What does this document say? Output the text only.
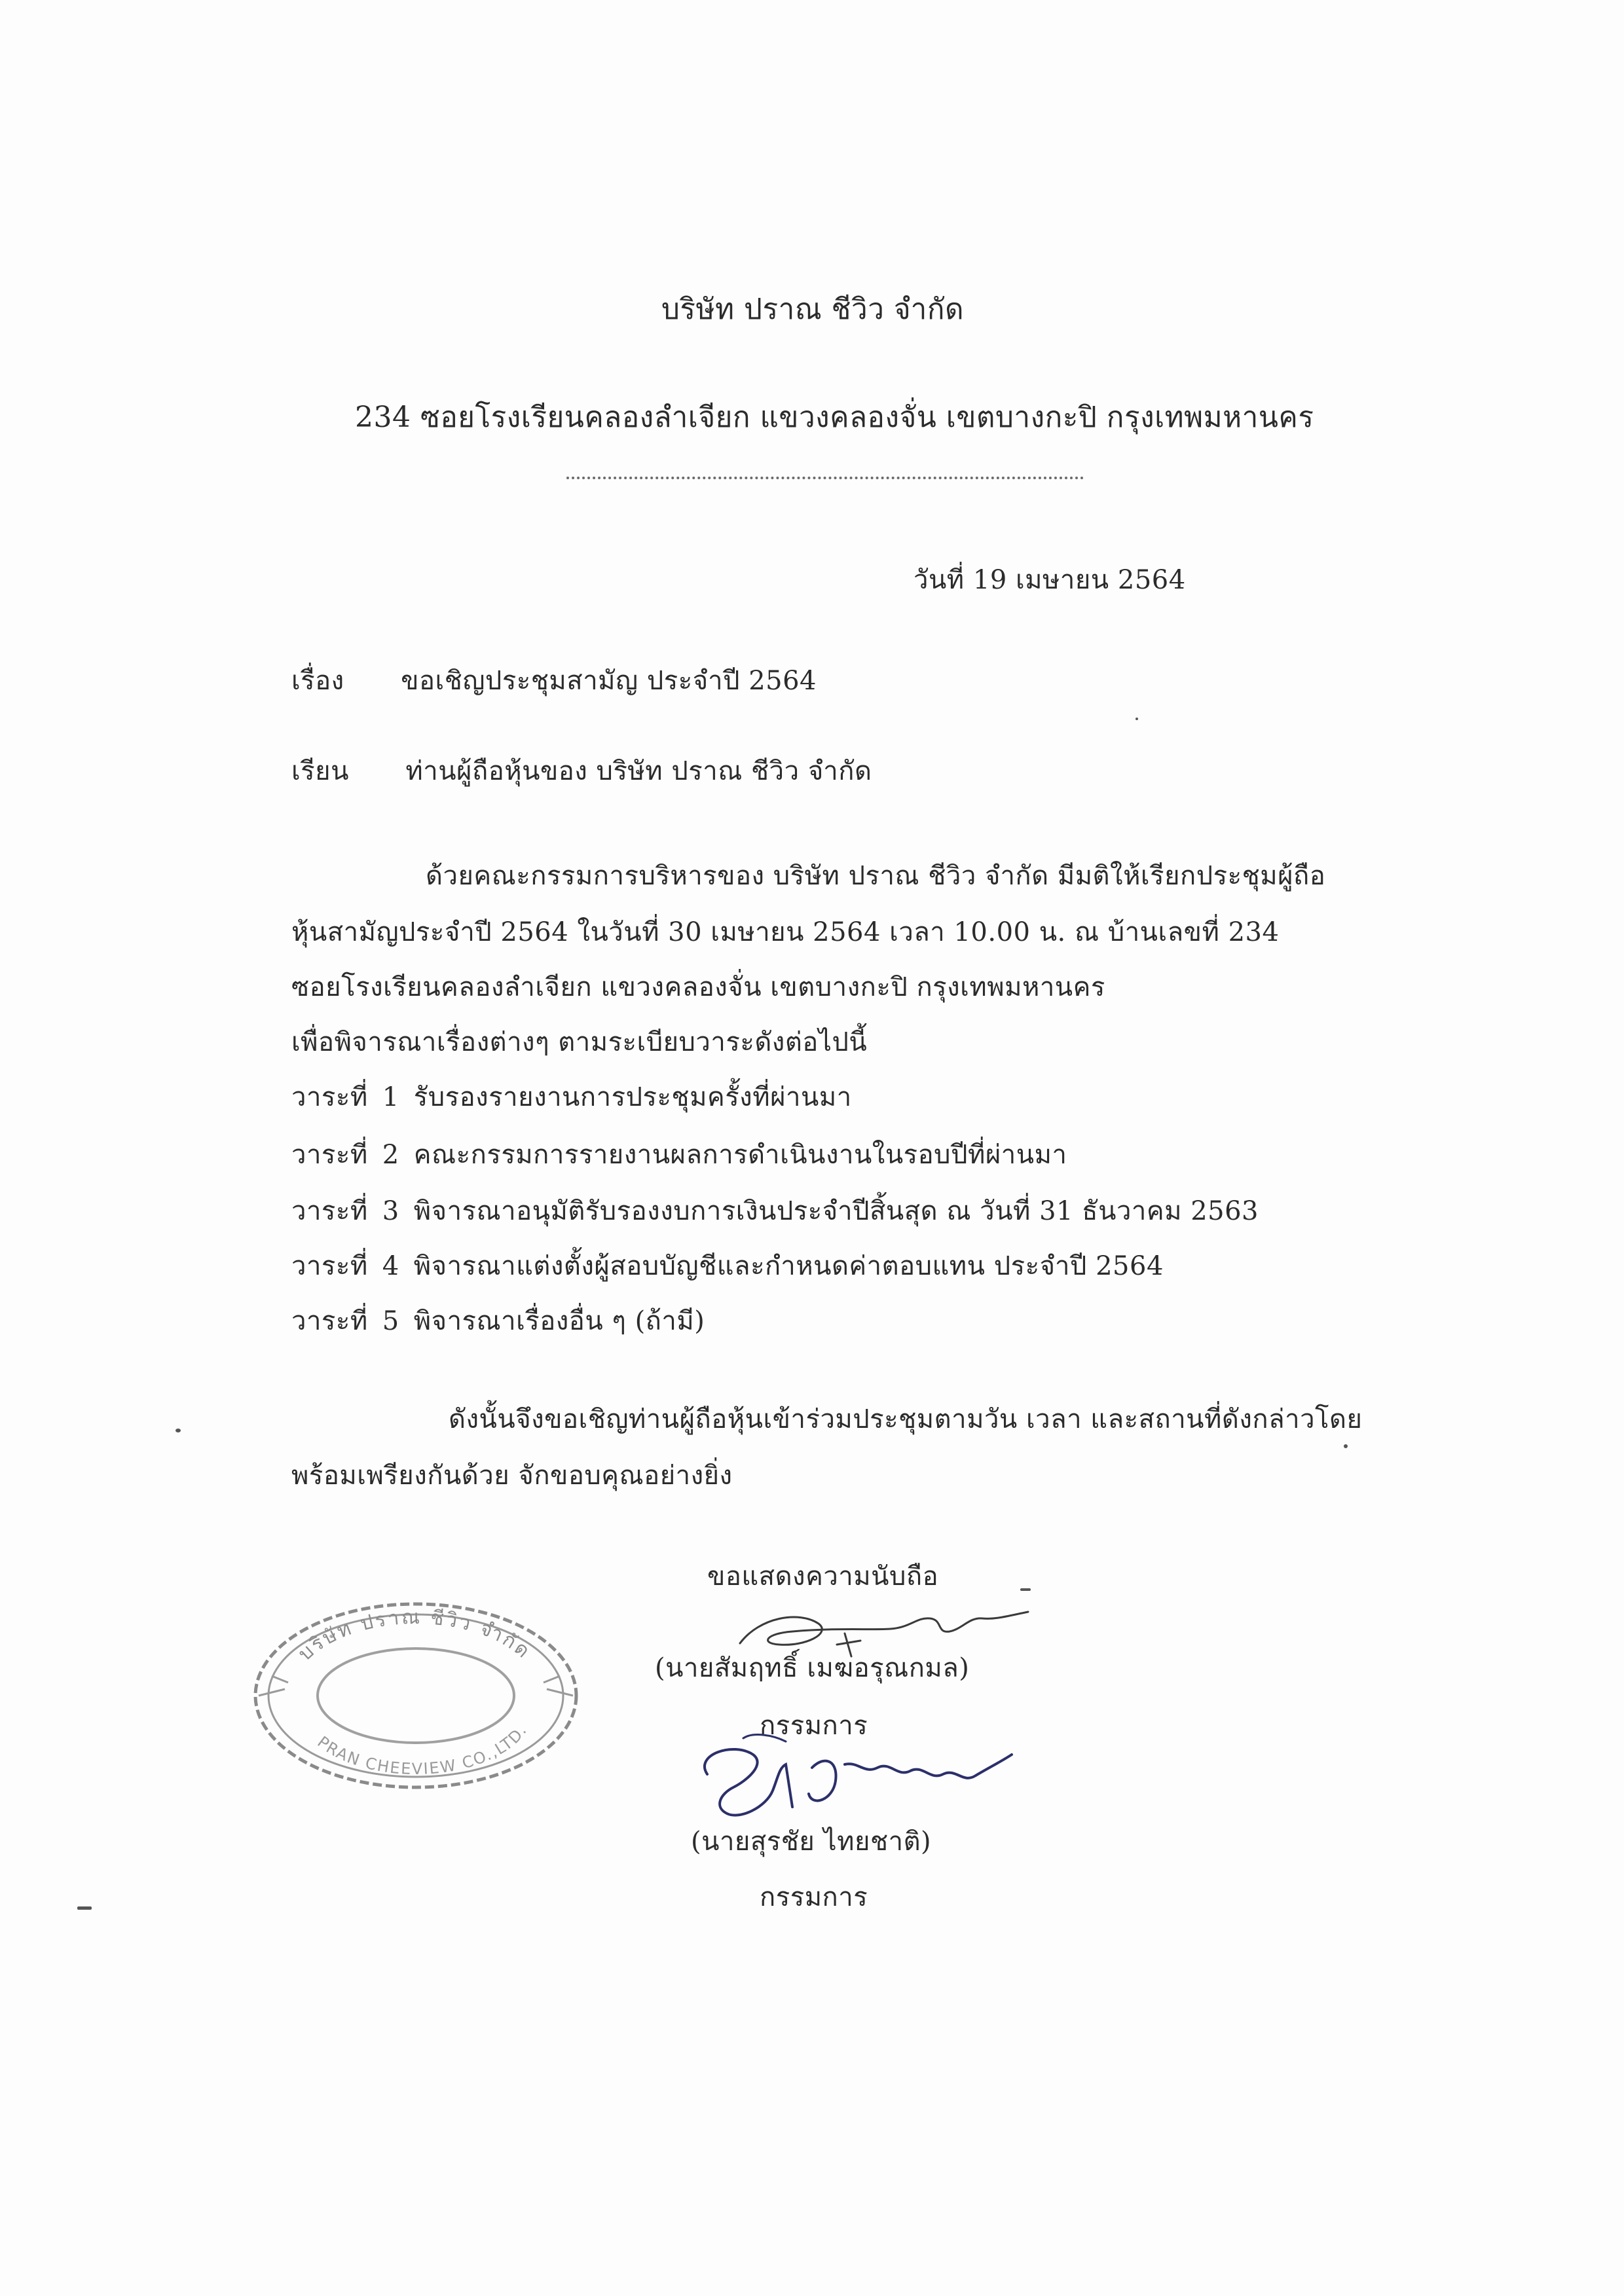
บริษัท ปราณ ชีวิว จำกัด
234 ซอยโรงเรียนคลองลำเจียก แขวงคลองจั่น เขตบางกะปิ กรุงเทพมหานคร
วันที่ 19 เมษายน 2564
เรื่อง ขอเชิญประชุมสามัญ ประจำปี 2564
เรียน ท่านผู้ถือหุ้นของ บริษัท ปราณ ชีวิว จำกัด
ด้วยคณะกรรมการบริหารของ บริษัท ปราณ ชีวิว จำกัด มีมติให้เรียกประชุมผู้ถือ
หุ้นสามัญประจำปี 2564 ในวันที่ 30 เมษายน 2564 เวลา 10.00 น. ณ บ้านเลขที่ 234
ซอยโรงเรียนคลองลำเจียก แขวงคลองจั่น เขตบางกะปิ กรุงเทพมหานคร
เพื่อพิจารณาเรื่องต่างๆ ตามระเบียบวาระดังต่อไปนี้
วาระที่ 1 รับรองรายงานการประชุมครั้งที่ผ่านมา
วาระที่ 2 คณะกรรมการรายงานผลการดำเนินงานในรอบปีที่ผ่านมา
วาระที่ 3 พิจารณาอนุมัติรับรองงบการเงินประจำปีสิ้นสุด ณ วันที่ 31 ธันวาคม 2563
วาระที่ 4 พิจารณาแต่งตั้งผู้สอบบัญชีและกำหนดค่าตอบแทน ประจำปี 2564
วาระที่ 5 พิจารณาเรื่องอื่น ๆ (ถ้ามี)
ดังนั้นจึงขอเชิญท่านผู้ถือหุ้นเข้าร่วมประชุมตามวัน เวลา และสถานที่ดังกล่าวโดย
พร้อมเพรียงกันด้วย จักขอบคุณอย่างยิ่ง
ขอแสดงความนับถือ
(นายสัมฤทธิ์ เมฆอรุณกมล)
กรรมการ
(นายสุรชัย ไทยชาติ)
กรรมการ
บริษัท ปราณ ชีวิว จำกัด
PRAN CHEEVIEW CO.,LTD.
